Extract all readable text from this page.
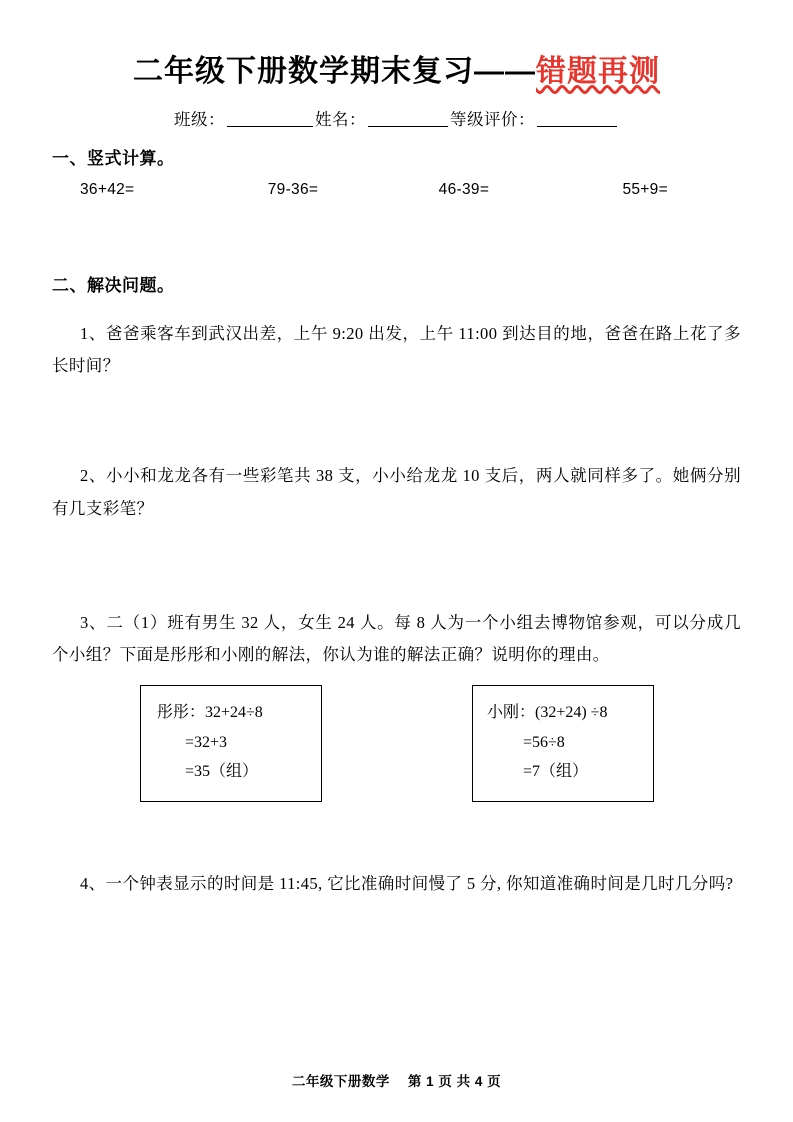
二年级下册数学期末复习——错题再测
班级：	姓名：	等级评价：
一、竖式计算。
36+42=	79-36=	46-39=	55+9=
二、解决问题。
1、爸爸乘客车到武汉出差，上午 9:20 出发，上午 11:00 到达目的地，爸爸在路上花了多长时间？
2、小小和龙龙各有一些彩笔共 38 支，小小给龙龙 10 支后，两人就同样多了。她俩分别有几支彩笔？
3、二（1）班有男生 32 人，女生 24 人。每 8 人为一个小组去博物馆参观，可以分成几个小组？下面是彤彤和小刚的解法，你认为谁的解法正确？说明你的理由。
彤彤：32+24÷8
=32+3
=35（组）
小刚：(32+24) ÷8
=56÷8
=7（组）
4、一个钟表显示的时间是 11:45, 它比准确时间慢了 5 分, 你知道准确时间是几时几分吗?
二年级下册数学 第 1 页 共 4 页
